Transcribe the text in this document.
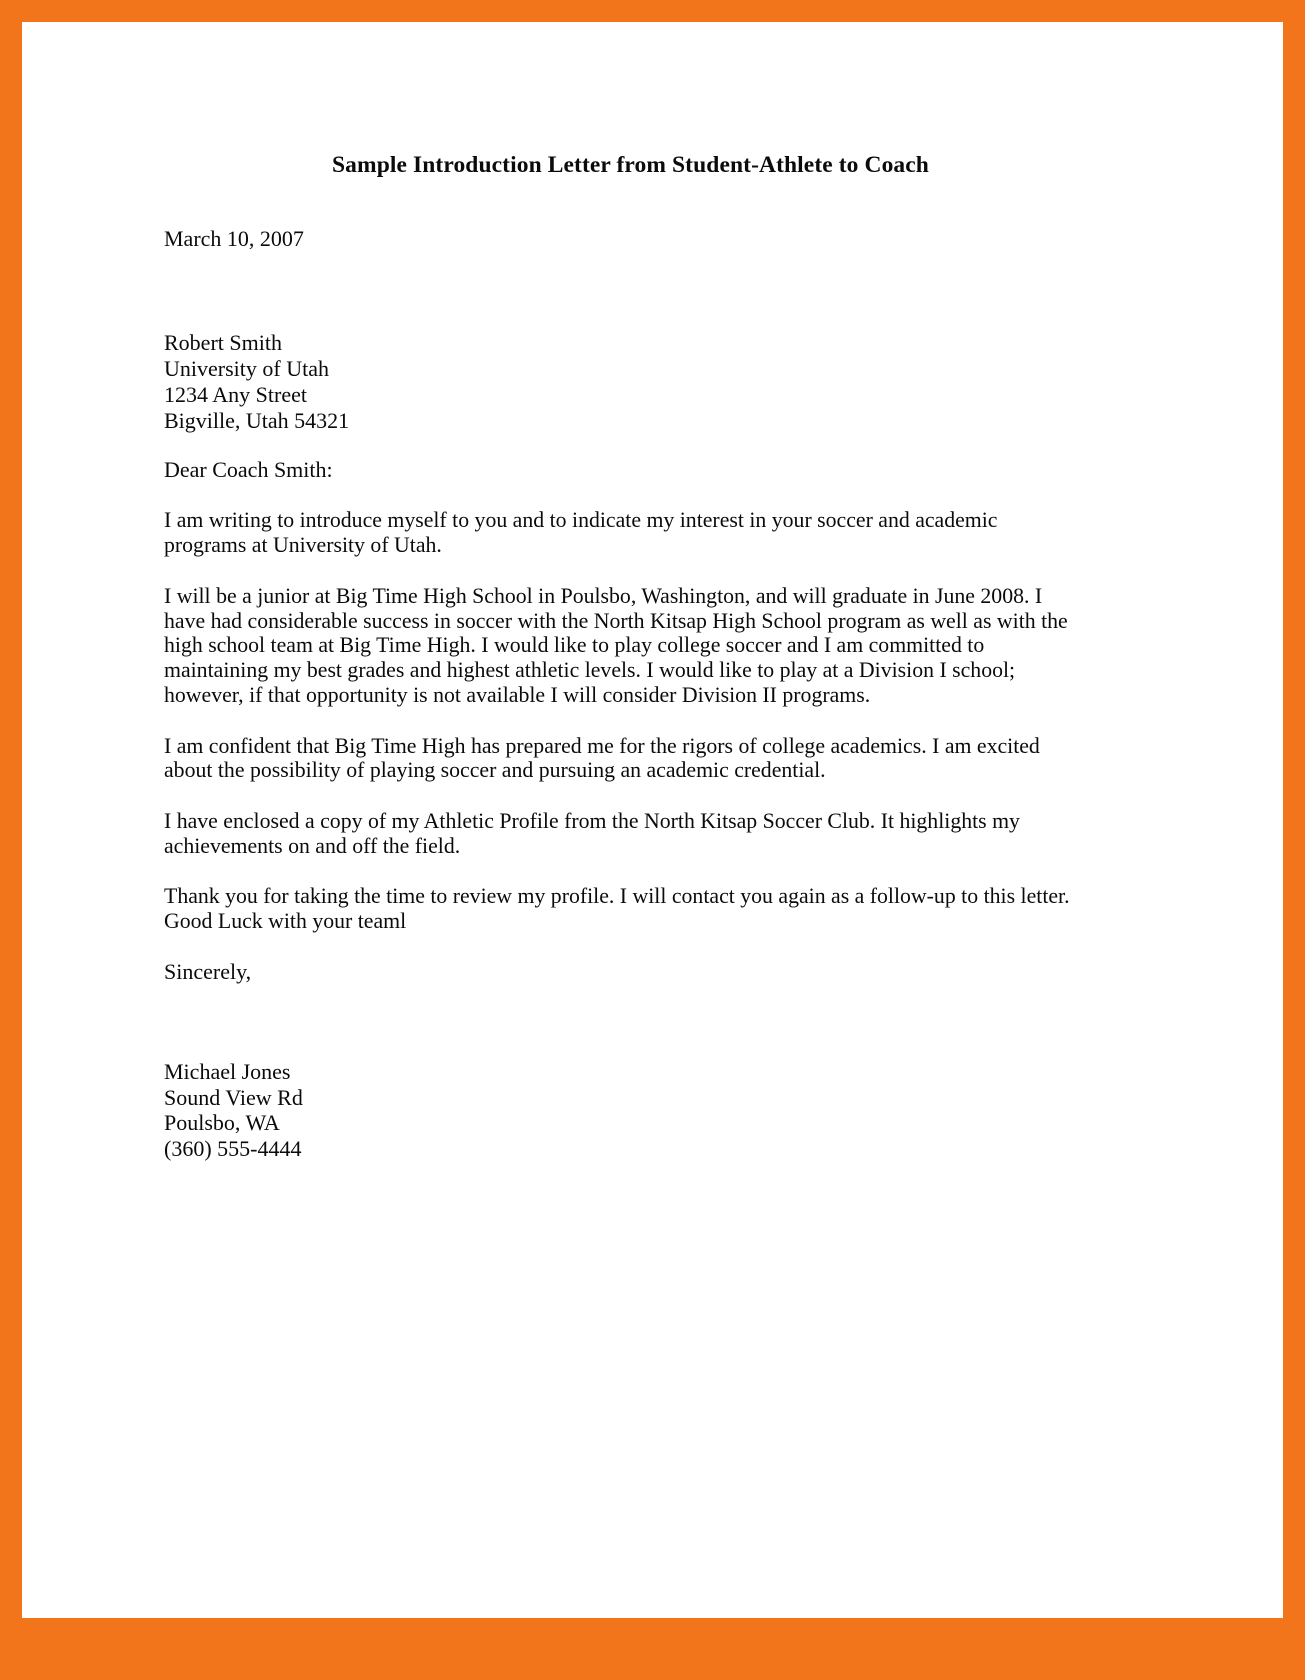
Sample Introduction Letter from Student-Athlete to Coach
March 10, 2007
Robert Smith
University of Utah
1234 Any Street
Bigville, Utah 54321
Dear Coach Smith:

I am writing to introduce myself to you and to indicate my interest in your soccer and academic programs at University of Utah.

I will be a junior at Big Time High School in Poulsbo, Washington, and will graduate in June 2008. I have had considerable success in soccer with the North Kitsap High School program as well as with the high school team at Big Time High. I would like to play college soccer and I am committed to maintaining my best grades and highest athletic levels. I would like to play at a Division I school; however, if that opportunity is not available I will consider Division II programs.

I am confident that Big Time High has prepared me for the rigors of college academics. I am excited about the possibility of playing soccer and pursuing an academic credential.

I have enclosed a copy of my Athletic Profile from the North Kitsap Soccer Club. It highlights my achievements on and off the field.

Thank you for taking the time to review my profile. I will contact you again as a follow-up to this letter. Good Luck with your teaml

Sincerely,
Michael Jones
Sound View Rd
Poulsbo, WA
(360) 555-4444
